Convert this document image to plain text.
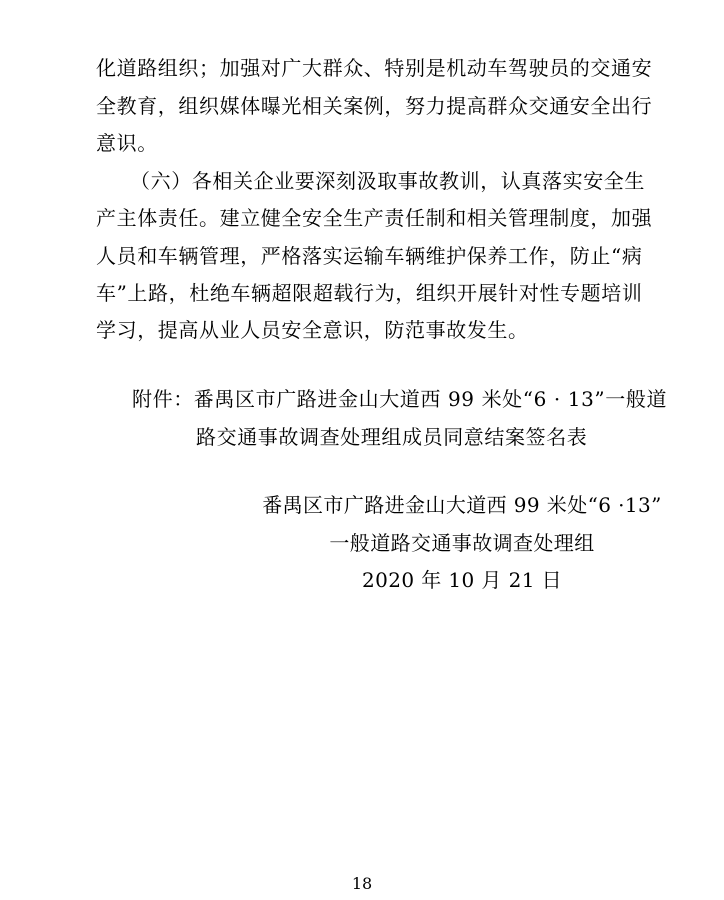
化道路组织；加强对广大群众、特别是机动车驾驶员的交通安
全教育，组织媒体曝光相关案例，努力提高群众交通安全出行
意识。
（六）各相关企业要深刻汲取事故教训，认真落实安全生
产主体责任。建立健全安全生产责任制和相关管理制度，加强
人员和车辆管理，严格落实运输车辆维护保养工作，防止“病
车”上路，杜绝车辆超限超载行为，组织开展针对性专题培训
学习，提高从业人员安全意识，防范事故发生。
附件：番禺区市广路进金山大道西 99 米处“6 · 13”一般道
路交通事故调查处理组成员同意结案签名表
番禺区市广路进金山大道西 99 米处“6 ·13”
一般道路交通事故调查处理组
2020 年 10 月 21 日
18
